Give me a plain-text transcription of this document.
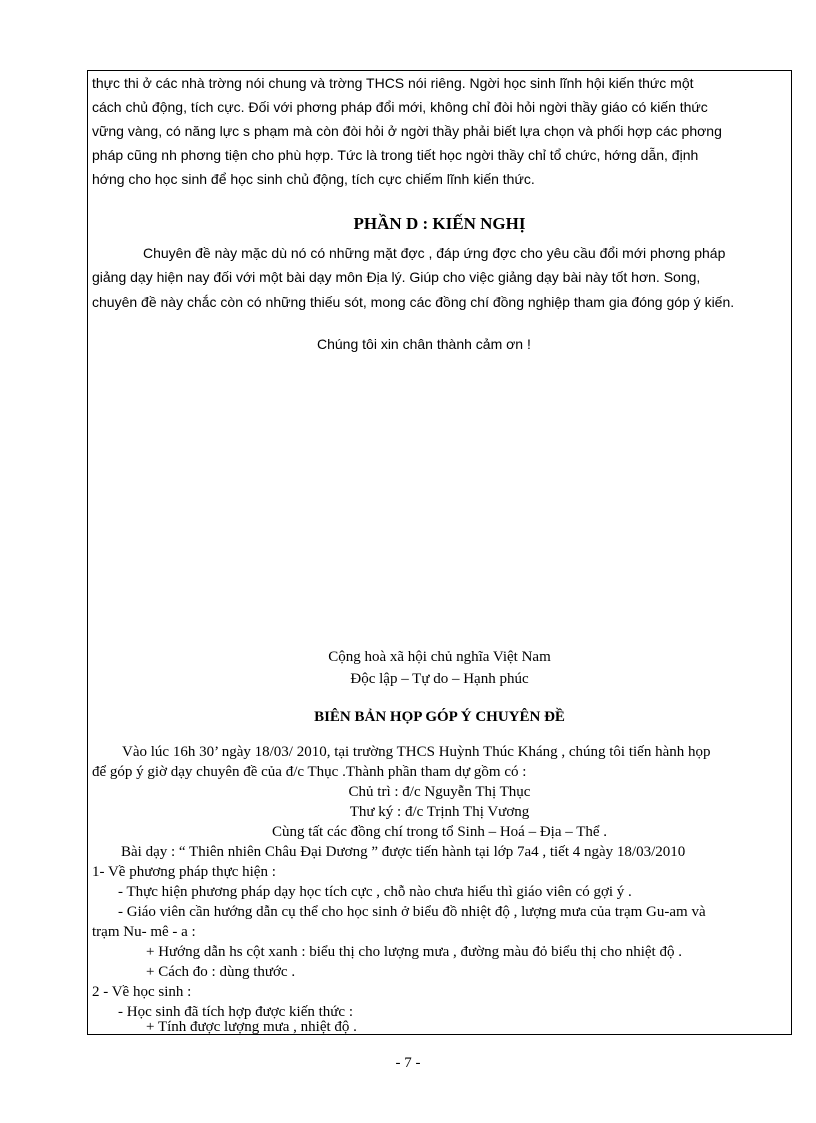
thực thi ở các nhà trờng nói chung và trờng THCS nói riêng. Ngời học sinh lĩnh hội kiến thức một
cách chủ động, tích cực. Đối với phơng pháp đổi mới, không chỉ đòi hỏi ngời thầy giáo có kiến thức
vững vàng, có năng lực s phạm mà còn đòi hỏi ở ngời thầy phải biết lựa chọn và phối hợp các phơng
pháp cũng nh phơng tiện cho phù hợp. Tức là trong tiết học ngời thầy chỉ tổ chức, hớng dẫn, định
hớng cho học sinh để học sinh chủ động, tích cực chiếm lĩnh kiến thức.
PHẦN D : KIẾN NGHỊ
Chuyên đề này mặc dù nó có những mặt đợc , đáp ứng đợc cho yêu cầu đổi mới phơng pháp
giảng dạy hiện nay đối với một bài dạy môn Địa lý. Giúp cho việc giảng dạy bài này tốt hơn. Song,
chuyên đề này chắc còn có những thiếu sót, mong các đồng chí đồng nghiệp tham gia đóng góp ý kiến.
Chúng tôi xin chân thành cảm ơn !
Cộng hoà xã hội chủ nghĩa Việt Nam
Độc lập – Tự do – Hạnh phúc
BIÊN BẢN HỌP GÓP Ý CHUYÊN ĐỀ
Vào lúc 16h 30’ ngày 18/03/ 2010, tại trường THCS Huỳnh Thúc Kháng , chúng tôi tiến hành họp
để góp ý giờ dạy chuyên đề của đ/c Thục .Thành phần tham dự gồm có :
Chủ trì : đ/c Nguyễn Thị Thục
Thư ký : đ/c Trịnh Thị Vương
Cùng tất các đồng chí trong tổ Sinh – Hoá – Địa – Thể .
Bài dạy : “ Thiên nhiên Châu Đại Dương ” được tiến hành tại lớp 7a4 , tiết 4 ngày 18/03/2010
1- Về phương pháp thực hiện :
- Thực hiện phương pháp dạy học tích cực , chỗ nào chưa hiểu thì giáo viên có gợi ý .
- Giáo viên cần hướng dẫn cụ thể cho học sinh ở biểu đồ nhiệt độ , lượng mưa của trạm Gu-am và
trạm Nu- mê - a :
+ Hướng dẫn hs cột xanh : biểu thị cho lượng mưa , đường màu đỏ biểu thị cho nhiệt độ .
+ Cách đo : dùng thước .
2 - Về học sinh :
- Học sinh đã tích hợp được kiến thức :
+ Tính được lượng mưa , nhiệt độ .
- 7 -
